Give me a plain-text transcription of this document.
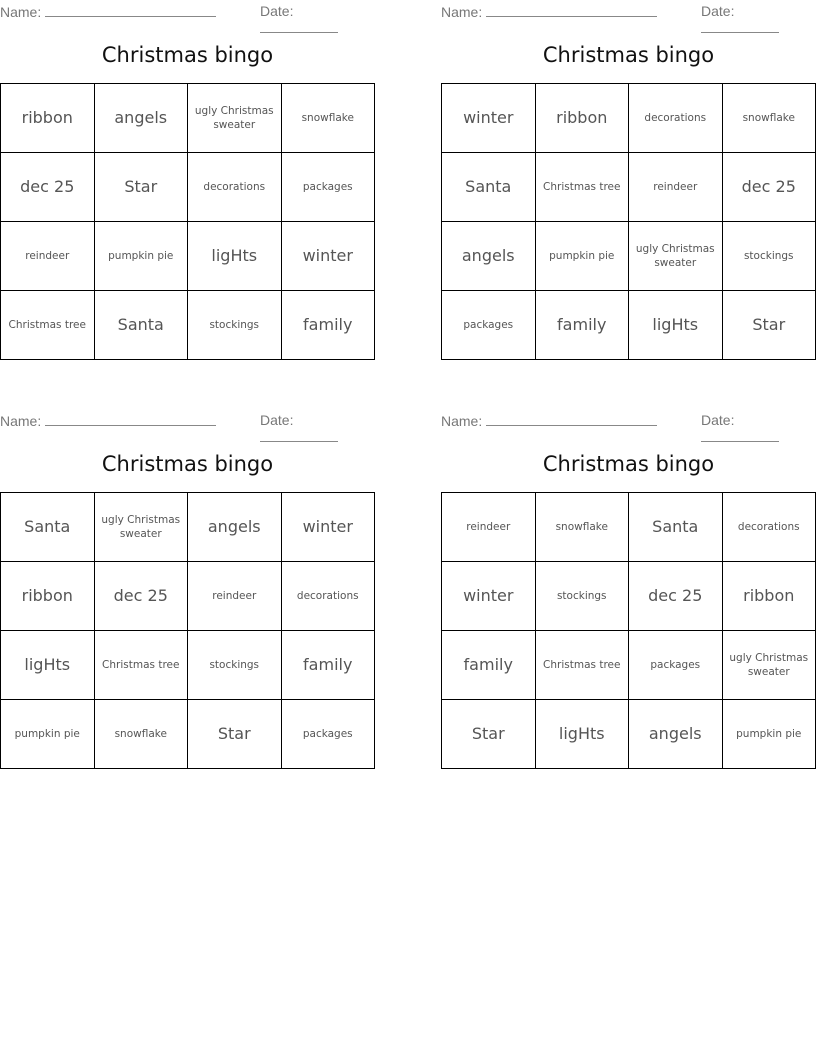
Name:	Date:
Christmas bingo
ribbon	angels	ugly Christmas sweater	snowflake
dec 25	Star	decorations	packages
reindeer	pumpkin pie	ligHts	winter
Christmas tree	Santa	stockings	family
Name:	Date:
Christmas bingo
winter	ribbon	decorations	snowflake
Santa	Christmas tree	reindeer	dec 25
angels	pumpkin pie	ugly Christmas sweater	stockings
packages	family	ligHts	Star
Name:	Date:
Christmas bingo
Santa	ugly Christmas sweater	angels	winter
ribbon	dec 25	reindeer	decorations
ligHts	Christmas tree	stockings	family
pumpkin pie	snowflake	Star	packages
Name:	Date:
Christmas bingo
reindeer	snowflake	Santa	decorations
winter	stockings	dec 25	ribbon
family	Christmas tree	packages	ugly Christmas sweater
Star	ligHts	angels	pumpkin pie
